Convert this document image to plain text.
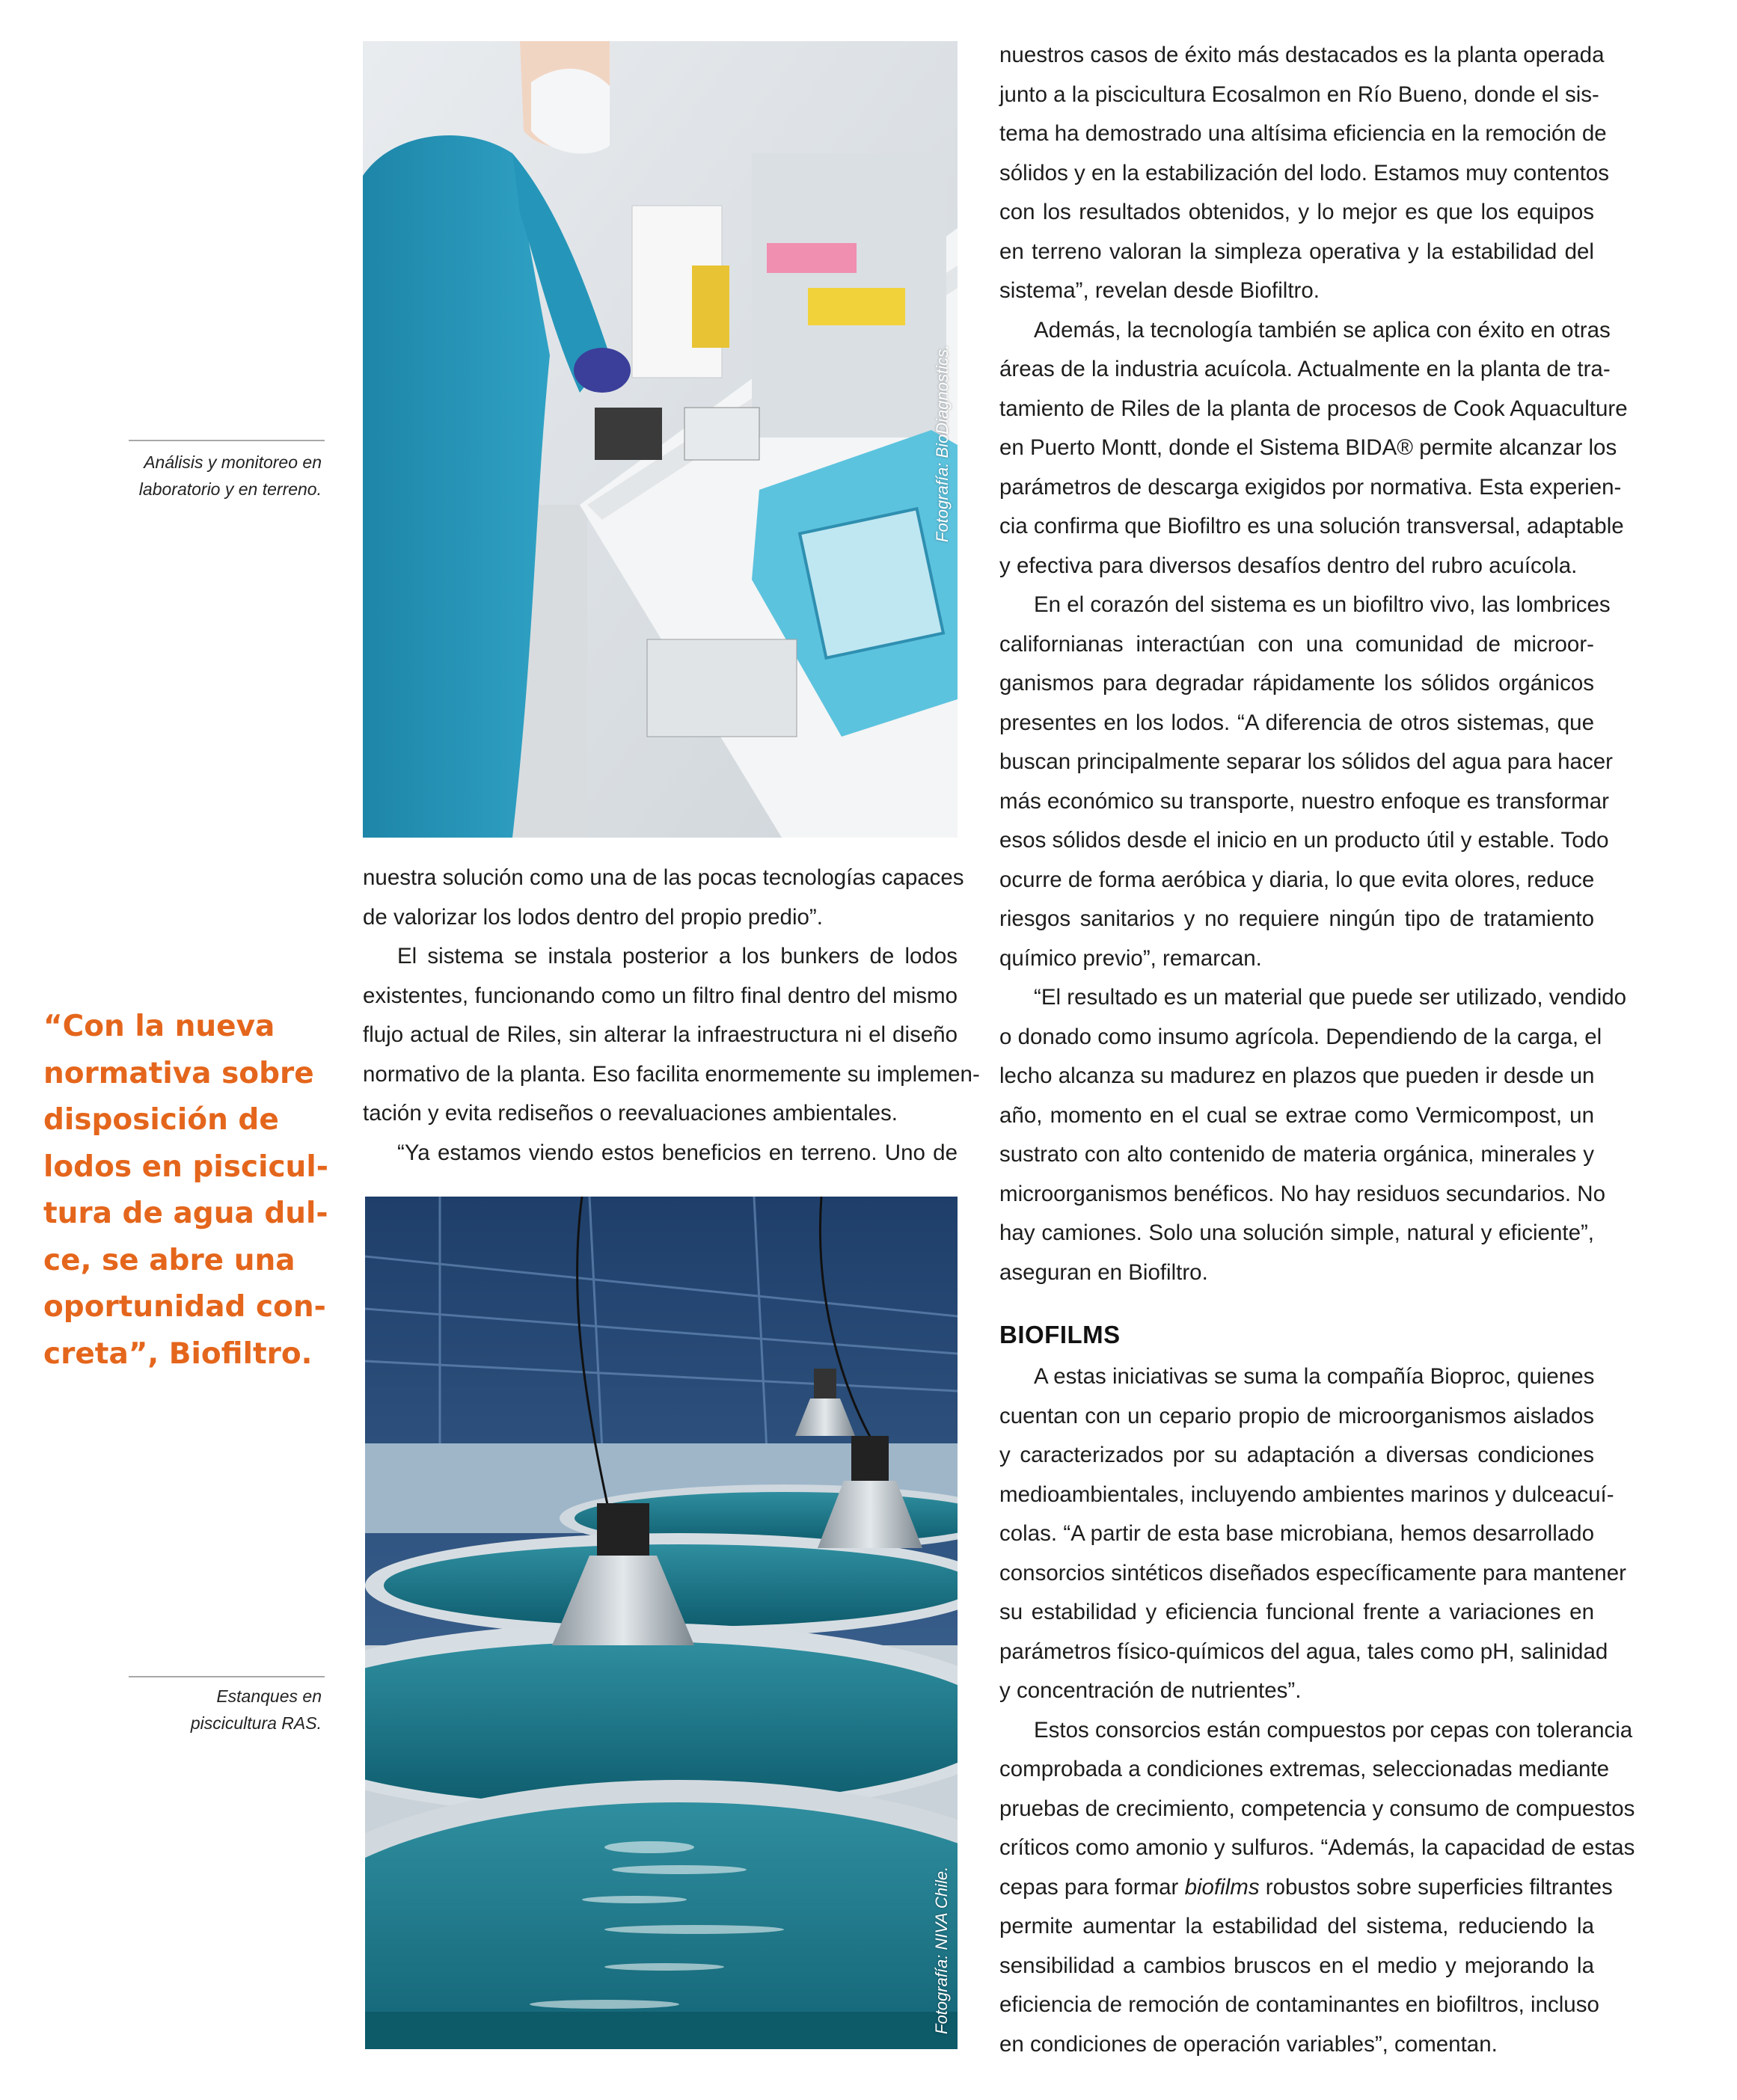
Análisis y monitoreo en
laboratorio y en terreno.
Estanques en
piscicultura RAS.
“Con la nueva
normativa sobre
disposición de
lodos en piscicul-
tura de agua dul-
ce, se abre una
oportunidad con-
creta”, Biofiltro.
Fotografía: BioDiagnostics.
nuestra solución como una de las pocas tecnologías capaces
de valorizar los lodos dentro del propio predio”.
El sistema se instala posterior a los bunkers de lodos
existentes, funcionando como un filtro final dentro del mismo
flujo actual de Riles, sin alterar la infraestructura ni el diseño
normativo de la planta. Eso facilita enormemente su implemen-
tación y evita rediseños o reevaluaciones ambientales.
“Ya estamos viendo estos beneficios en terreno. Uno de
Fotografía: NIVA Chile.
nuestros casos de éxito más destacados es la planta operada
junto a la piscicultura Ecosalmon en Río Bueno, donde el sis-
tema ha demostrado una altísima eficiencia en la remoción de
sólidos y en la estabilización del lodo. Estamos muy contentos
con los resultados obtenidos, y lo mejor es que los equipos
en terreno valoran la simpleza operativa y la estabilidad del
sistema”, revelan desde Biofiltro.
Además, la tecnología también se aplica con éxito en otras
áreas de la industria acuícola. Actualmente en la planta de tra-
tamiento de Riles de la planta de procesos de Cook Aquaculture
en Puerto Montt, donde el Sistema BIDA® permite alcanzar los
parámetros de descarga exigidos por normativa. Esta experien-
cia confirma que Biofiltro es una solución transversal, adaptable
y efectiva para diversos desafíos dentro del rubro acuícola.
En el corazón del sistema es un biofiltro vivo, las lombrices
californianas interactúan con una comunidad de microor-
ganismos para degradar rápidamente los sólidos orgánicos
presentes en los lodos. “A diferencia de otros sistemas, que
buscan principalmente separar los sólidos del agua para hacer
más económico su transporte, nuestro enfoque es transformar
esos sólidos desde el inicio en un producto útil y estable. Todo
ocurre de forma aeróbica y diaria, lo que evita olores, reduce
riesgos sanitarios y no requiere ningún tipo de tratamiento
químico previo”, remarcan.
“El resultado es un material que puede ser utilizado, vendido
o donado como insumo agrícola. Dependiendo de la carga, el
lecho alcanza su madurez en plazos que pueden ir desde un
año, momento en el cual se extrae como Vermicompost, un
sustrato con alto contenido de materia orgánica, minerales y
microorganismos benéficos. No hay residuos secundarios. No
hay camiones. Solo una solución simple, natural y eficiente”,
aseguran en Biofiltro.
BIOFILMS
A estas iniciativas se suma la compañía Bioproc, quienes
cuentan con un cepario propio de microorganismos aislados
y caracterizados por su adaptación a diversas condiciones
medioambientales, incluyendo ambientes marinos y dulceacuí-
colas. “A partir de esta base microbiana, hemos desarrollado
consorcios sintéticos diseñados específicamente para mantener
su estabilidad y eficiencia funcional frente a variaciones en
parámetros físico-químicos del agua, tales como pH, salinidad
y concentración de nutrientes”.
Estos consorcios están compuestos por cepas con tolerancia
comprobada a condiciones extremas, seleccionadas mediante
pruebas de crecimiento, competencia y consumo de compuestos
críticos como amonio y sulfuros. “Además, la capacidad de estas
cepas para formar biofilms robustos sobre superficies filtrantes
permite aumentar la estabilidad del sistema, reduciendo la
sensibilidad a cambios bruscos en el medio y mejorando la
eficiencia de remoción de contaminantes en biofiltros, incluso
en condiciones de operación variables”, comentan.
